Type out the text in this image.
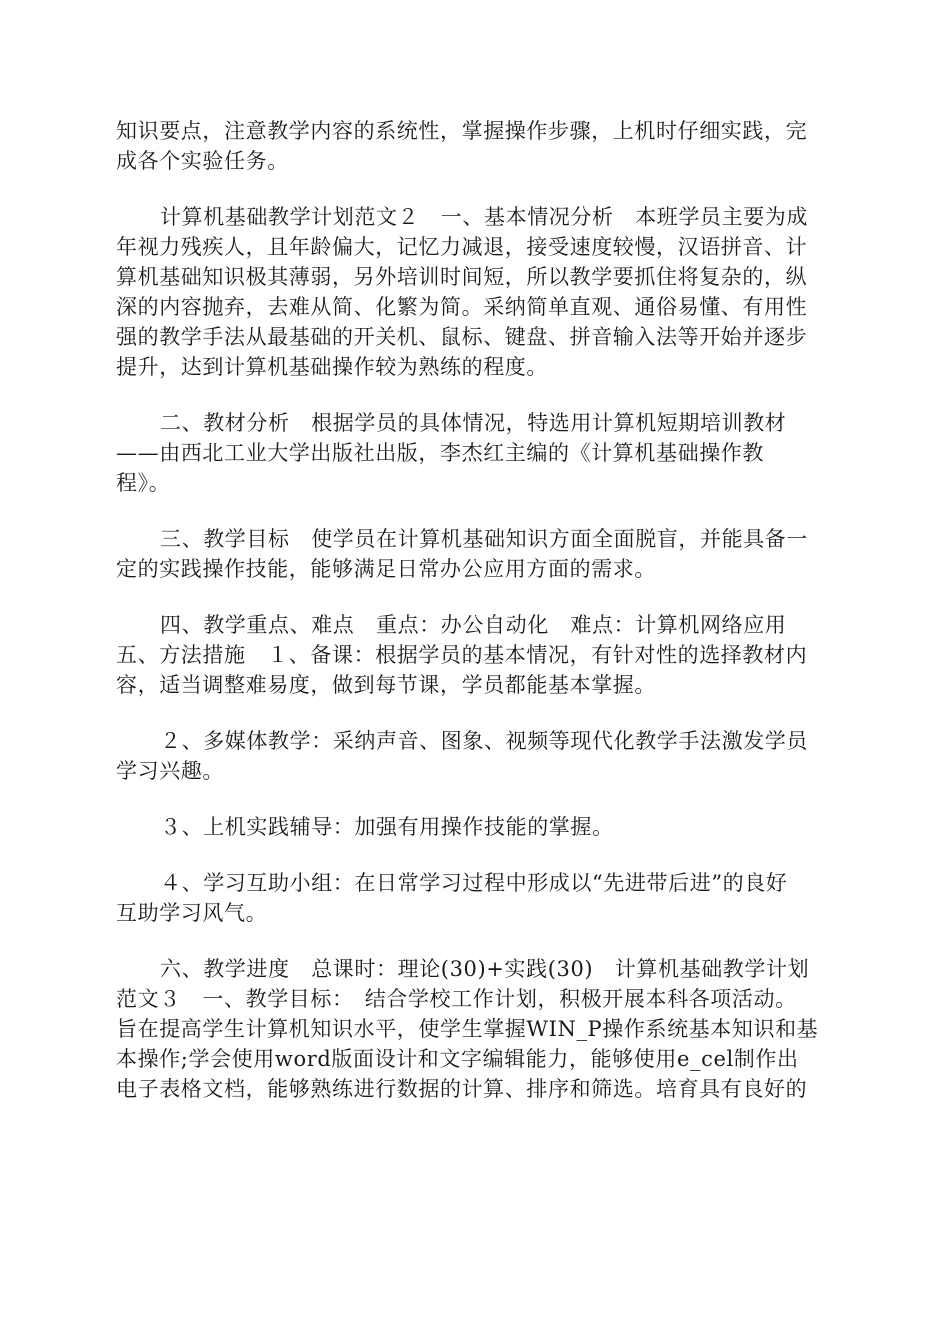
知识要点，注意教学内容的系统性，掌握操作步骤，上机时仔细实践，完
成各个实验任务。
计算机基础教学计划范文２　一、基本情况分析　本班学员主要为成
年视力残疾人，且年龄偏大，记忆力减退，接受速度较慢，汉语拼音、计
算机基础知识极其薄弱，另外培训时间短，所以教学要抓住将复杂的，纵
深的内容抛弃，去难从简、化繁为简。采纳简单直观、通俗易懂、有用性
强的教学手法从最基础的开关机、鼠标、键盘、拼音输入法等开始并逐步
提升，达到计算机基础操作较为熟练的程度。
二、教材分析　根据学员的具体情况，特选用计算机短期培训教材
——由西北工业大学出版社出版，李杰红主编的《计算机基础操作教
程》。
三、教学目标　使学员在计算机基础知识方面全面脱盲，并能具备一
定的实践操作技能，能够满足日常办公应用方面的需求。
四、教学重点、难点　重点：办公自动化　难点：计算机网络应用
五、方法措施　１、备课：根据学员的基本情况，有针对性的选择教材内
容，适当调整难易度，做到每节课，学员都能基本掌握。
２、多媒体教学：采纳声音、图象、视频等现代化教学手法激发学员
学习兴趣。
３、上机实践辅导：加强有用操作技能的掌握。
４、学习互助小组：在日常学习过程中形成以“先进带后进”的良好
互助学习风气。
六、教学进度　总课时：理论(30)+实践(30)　计算机基础教学计划
范文３　一、教学目标：　结合学校工作计划，积极开展本科各项活动。
旨在提高学生计算机知识水平，使学生掌握WIN_P操作系统基本知识和基
本操作;学会使用word版面设计和文字编辑能力，能够使用e_cel制作出
电子表格文档，能够熟练进行数据的计算、排序和筛选。培育具有良好的
